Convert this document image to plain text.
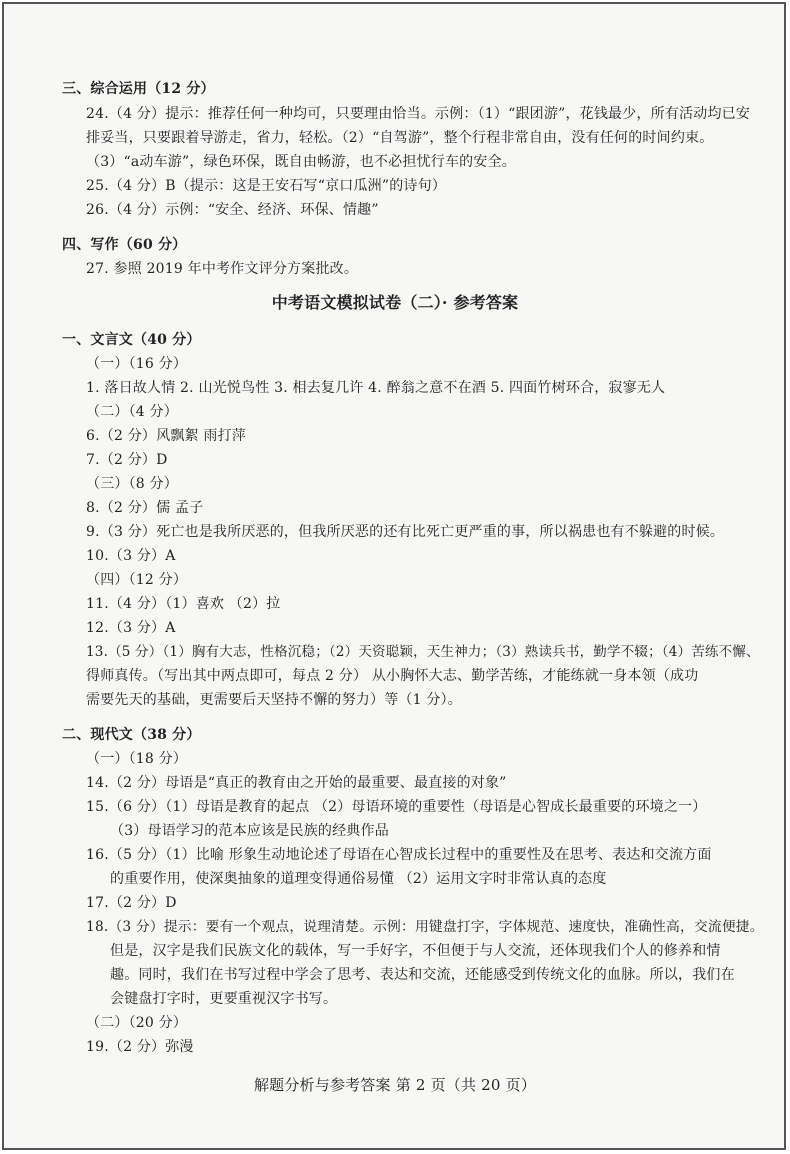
三、综合运用（12 分）
24.（4 分）提示：推荐任何一种均可，只要理由恰当。示例：（1）“跟团游”，花钱最少，所有活动均已安
排妥当，只要跟着导游走，省力，轻松。（2）“自驾游”，整个行程非常自由，没有任何的时间约束。
（3）“a动车游”，绿色环保，既自由畅游，也不必担忧行车的安全。
25.（4 分）B（提示：这是王安石写“京口瓜洲”的诗句）
26.（4 分）示例：“安全、经济、环保、情趣”
四、写作（60 分）
27. 参照 2019 年中考作文评分方案批改。
中考语文模拟试卷（二）· 参考答案
一、文言文（40 分）
（一）（16 分）
1. 落日故人情 2. 山光悦鸟性 3. 相去复几许 4. 醉翁之意不在酒 5. 四面竹树环合，寂寥无人
（二）（4 分）
6.（2 分）风飘絮 雨打萍
7.（2 分）D
（三）（8 分）
8.（2 分）儒 孟子
9.（3 分）死亡也是我所厌恶的，但我所厌恶的还有比死亡更严重的事，所以祸患也有不躲避的时候。
10.（3 分）A
（四）（12 分）
11.（4 分）（1）喜欢 （2）拉
12.（3 分）A
13.（5 分）（1）胸有大志，性格沉稳；（2）天资聪颖，天生神力；（3）熟读兵书，勤学不辍；（4）苦练不懈、
得师真传。（写出其中两点即可，每点 2 分） 从小胸怀大志、勤学苦练，才能练就一身本领（成功
需要先天的基础，更需要后天坚持不懈的努力）等（1 分）。
二、现代文（38 分）
（一）（18 分）
14.（2 分）母语是“真正的教育由之开始的最重要、最直接的对象”
15.（6 分）（1）母语是教育的起点 （2）母语环境的重要性（母语是心智成长最重要的环境之一）
（3）母语学习的范本应该是民族的经典作品
16.（5 分）（1）比喻 形象生动地论述了母语在心智成长过程中的重要性及在思考、表达和交流方面
的重要作用，使深奥抽象的道理变得通俗易懂 （2）运用文字时非常认真的态度
17.（2 分）D
18.（3 分）提示：要有一个观点，说理清楚。示例：用键盘打字，字体规范、速度快，准确性高，交流便捷。
但是，汉字是我们民族文化的载体，写一手好字，不但便于与人交流，还体现我们个人的修养和情
趣。同时，我们在书写过程中学会了思考、表达和交流，还能感受到传统文化的血脉。所以，我们在
会键盘打字时，更要重视汉字书写。
（二）（20 分）
19.（2 分）弥漫
解题分析与参考答案 第 2 页（共 20 页）
